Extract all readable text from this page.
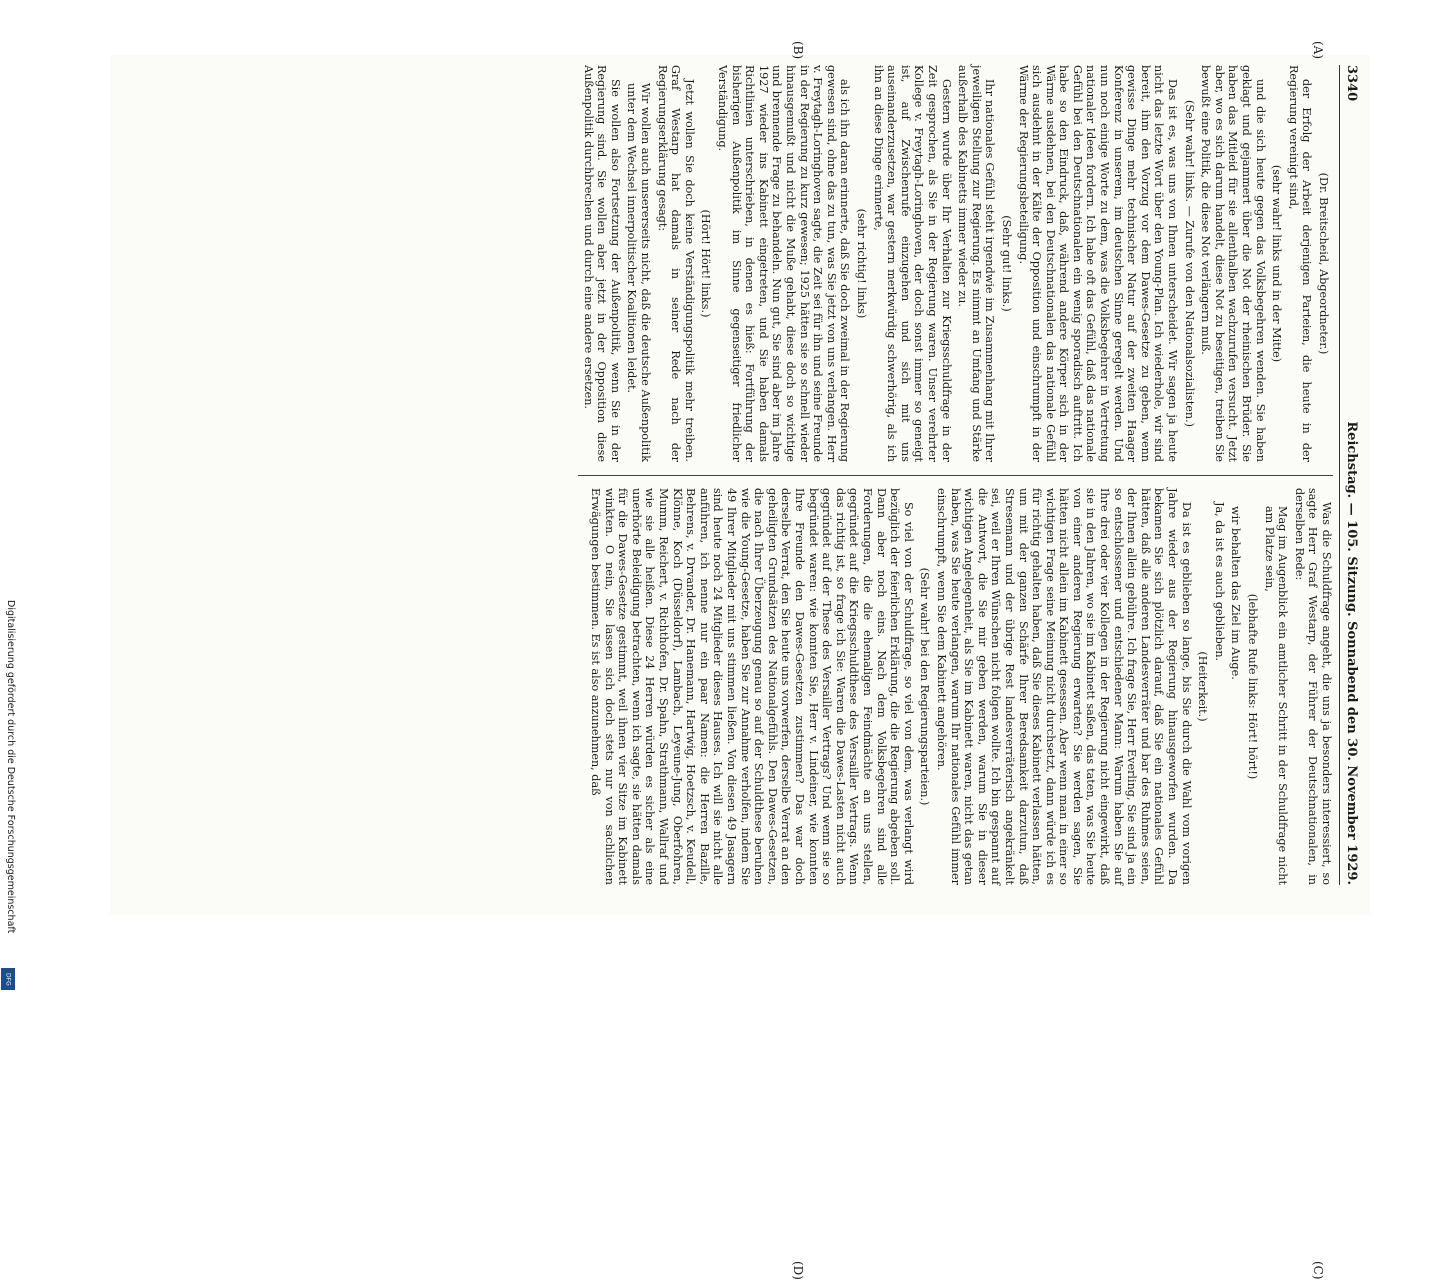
3340
Reichstag. — 105. Sitzung. Sonnabend den 30. November 1929.

(Dr. Breitscheid, Abgeordneter.)

der Erfolg der Arbeit derjenigen Parteien, die heute in der Regierung vereinigt sind,

(sehr wahr! links und in der Mitte)

und die sich heute gegen das Volksbegehren wenden. Sie haben geklagt und gejammert über die Not der rheinischen Brüder. Sie haben das Mitleid für sie allenthalben wachzurufen versucht. Jetzt aber, wo es sich darum handelt, diese Not zu beseitigen, treiben Sie bewußt eine Politik, die diese Not verlängern muß.

(Sehr wahr! links. — Zurufe von den Nationalsozialisten.)

Das ist es, was uns von Ihnen unterscheidet. Wir sagen ja heute nicht das letzte Wort über den Young-Plan. Ich wiederhole, wir sind bereit, ihm den Vorzug vor dem Dawes-Gesetze zu geben, wenn gewisse Dinge mehr technischer Natur auf der zweiten Haager Konferenz in unserem, im deutschen Sinne geregelt werden. Und nun noch einige Worte zu dem, was die Volksbegehrer in Vertretung nationaler Ideen fordern. Ich habe oft das Gefühl, daß das nationale Gefühl bei den Deutschnationalen ein wenig sporadisch auftritt. Ich habe so den Eindruck, daß, während andere Körper sich in der Wärme ausdehnen, bei den Deutschnationalen das nationale Gefühl sich ausdehnt in der Kälte der Opposition und einschrumpft in der Wärme der Regierungsbeteiligung.

(Sehr gut! links.)

Ihr nationales Gefühl steht irgendwie im Zusammenhang mit Ihrer jeweiligen Stellung zur Regierung. Es nimmt an Umfang und Stärke außerhalb des Kabinetts immer wieder zu.

Gestern wurde über Ihr Verhalten zur Kriegsschuldfrage in der Zeit gesprochen, als Sie in der Regierung waren. Unser verehrter Kollege v. Freytagh-Loringhoven, der doch sonst immer so geneigt ist, auf Zwischenrufe einzugehen und sich mit uns auseinanderzusetzen, war gestern merkwürdig schwerhörig, als ich ihn an diese Dinge erinnerte,

(sehr richtig! links)

als ich ihn daran erinnerte, daß Sie doch zweimal in der Regierung gewesen sind, ohne das zu tun, was Sie jetzt von uns verlangen. Herr v. Freytagh-Loringhoven sagte, die Zeit sei für ihn und seine Freunde in der Regierung zu kurz gewesen; 1925 hätten sie so schnell wieder hinausgemußt und nicht die Muße gehabt, diese doch so wichtige und brennende Frage zu behandeln. Nun gut, Sie sind aber im Jahre 1927 wieder ins Kabinett eingetreten, und Sie haben damals Richtlinien unterschrieben, in denen es hieß: Fortführung der bisherigen Außenpolitik im Sinne gegenseitiger friedlicher Verständigung.

(Hört! Hört! links.)

Jetzt wollen Sie doch keine Verständigungspolitik mehr treiben. Graf Westarp hat damals in seiner Rede nach der Regierungserklärung gesagt:

Wir wollen auch unsererseits nicht, daß die deutsche Außenpolitik unter dem Wechsel innerpolitischer Koalitionen leidet.

Sie wollen also Fortsetzung der Außenpolitik, wenn Sie in der Regierung sind. Sie wollen aber jetzt in der Opposition diese Außenpolitik durchbrechen und durch eine andere ersetzen.

Was die Schuldfrage angeht, die uns ja besonders interessiert, so sagte Herr Graf Westarp, der Führer der Deutschnationalen, in derselben Rede:

Mag im Augenblick ein amtlicher Schritt in der Schuldfrage nicht am Platze sein,

(lebhafte Rufe links: Hört! hört!)

wir behalten das Ziel im Auge.

Ja, da ist es auch geblieben.

(Heiterkeit.)

Da ist es geblieben so lange, bis Sie durch die Wahl vom vorigen Jahre wieder aus der Regierung hinausgeworfen wurden. Da bekamen Sie sich plötzlich darauf, daß Sie ein nationales Gefühl hätten, daß alle anderen Landesverräter und bar des Ruhmes seien, der Ihnen allein gebühre. Ich frage Sie, Herr Everling, Sie sind ja ein so entschlossener und entschiedener Mann: Warum haben Sie auf Ihre drei oder vier Kollegen in der Regierung nicht eingewirkt, daß sie in den Jahren, wo sie im Kabinett saßen, das taten, was Sie heute von einer anderen Regierung erwarten? Sie werden sagen, Sie hätten nicht allein im Kabinett gesessen. Aber wenn man in einer so wichtigen Frage seine Meinung nicht durchsetzt, dann würde ich es für richtig gehalten haben, daß Sie dieses Kabinett verlassen hätten, um mit der ganzen Schärfe Ihrer Beredsamkeit darzutun, daß Stresemann und der übrige Rest landesverräterisch angekränkelt sei, weil er Ihren Wünschen nicht folgen wollte. Ich bin gespannt auf die Antwort, die Sie mir geben werden, warum Sie in dieser wichtigen Angelegenheit, als Sie im Kabinett waren, nicht das getan haben, was Sie heute verlangen, warum Ihr nationales Gefühl immer einschrumpft, wenn Sie dem Kabinett angehören.

(Sehr wahr! bei den Regierungsparteien.)

So viel von der Schuldfrage, so viel von dem, was verlangt wird bezüglich der feierlichen Erklärung, die die Regierung abgeben soll. Dann aber noch eins. Nach dem Volksbegehren sind alle Forderungen, die die ehemaligen Feindmächte an uns stellen, gegründet auf die Kriegsschuldthese des Versailler Vertrags. Wenn das richtig ist, so frage ich Sie: Waren die Dawes-Lasten nicht auch gegründet auf der These des Versailler Vertrags? Und wenn sie so begründet waren: wie konnten Sie, Herr v. Lindeiner, wie konnten Ihre Freunde den Dawes-Gesetzen zustimmen? Das war doch derselbe Verrat, den Sie heute uns vorwerfen, derselbe Verrat an den geheiligten Grundsätzen des Nationalgefühls. Den Dawes-Gesetzen, die nach Ihrer Überzeugung genau so auf der Schuldthese beruhen wie die Young-Gesetze, haben Sie zur Annahme verholfen, indem Sie 49 Ihrer Mitglieder mit uns stimmen ließen. Von diesen 49 Jasagern sind heute noch 24 Mitglieder dieses Hauses. Ich will sie nicht alle anführen, ich nenne nur ein paar Namen: die Herren Bazille, Behrens, v. Drvander, Dr. Hanemann, Hartwig, Hoetzsch, v. Keudell, Klönne, Koch (Düsseldorf), Lambach, Leyeune-Jung, Oberfohren, Mumm, Reichert, v. Richthofen, Dr. Spahn, Strathmann, Wallraf und wie sie alle heißen. Diese 24 Herren würden es sicher als eine unerhörte Beleidigung betrachten, wenn ich sagte, sie hätten damals für die Dawes-Gesetze gestimmt, weil ihnen vier Sitze im Kabinett winkten. O nein, Sie lassen sich doch stets nur von sachlichen Erwägungen bestimmen. Es ist also anzunehmen, daß

(A)
(B)
(C)
(D)
Digitalisierung gefördert durch die Deutsche Forschungsgemeinschaft
DFG
